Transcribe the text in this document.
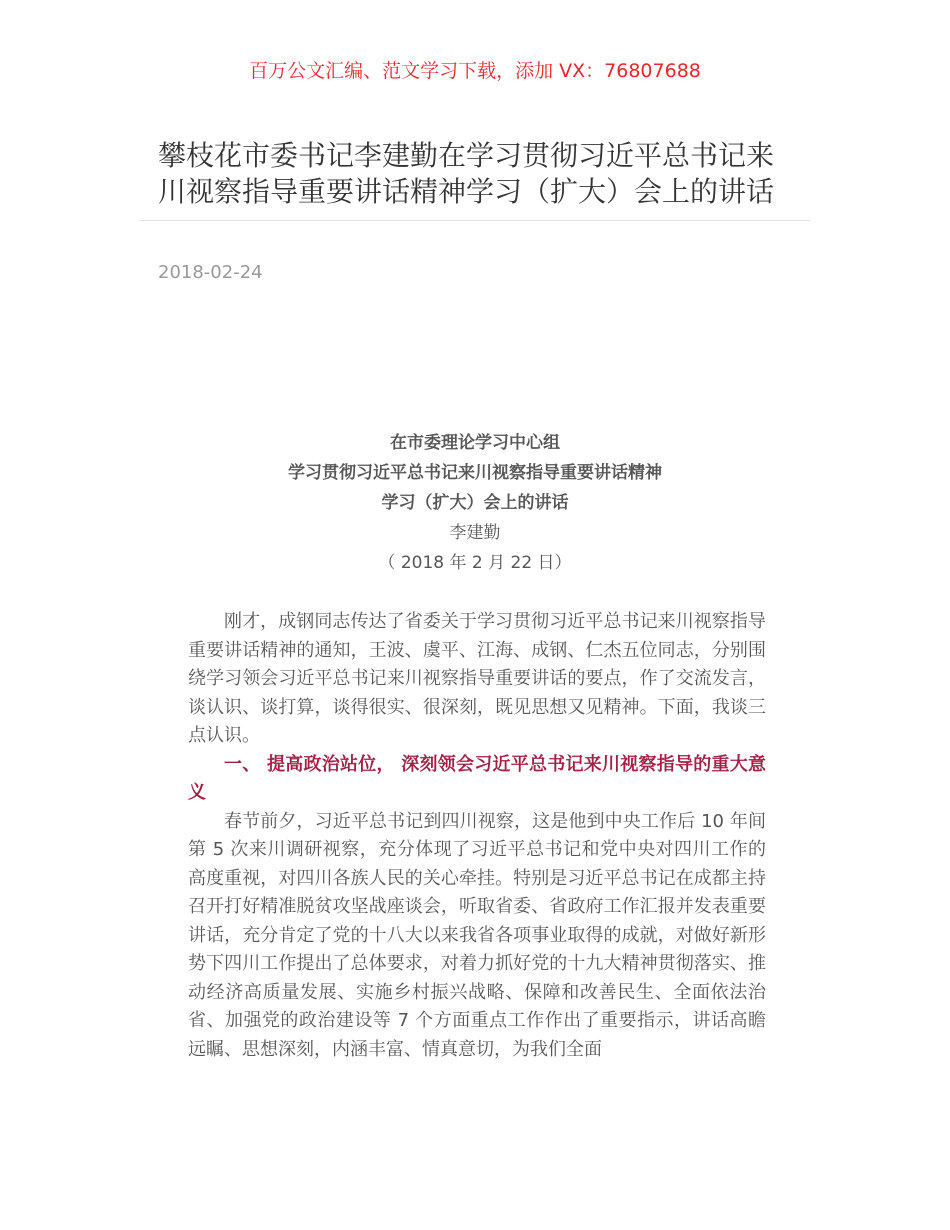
百万公文汇编、范文学习下载，添加 VX：76807688
攀枝花市委书记李建勤在学习贯彻习近平总书记来川视察指导重要讲话精神学习（扩大）会上的讲话
2018-02-24
在市委理论学习中心组
学习贯彻习近平总书记来川视察指导重要讲话精神
学习（扩大）会上的讲话
李建勤
（ 2018 年 2 月 22 日）

刚才，成钢同志传达了省委关于学习贯彻习近平总书记来川视察指导重要讲话精神的通知，王波、虞平、江海、成钢、仁杰五位同志，分别围绕学习领会习近平总书记来川视察指导重要讲话的要点，作了交流发言，谈认识、谈打算，谈得很实、很深刻，既见思想又见精神。下面，我谈三点认识。

一、 提高政治站位， 深刻领会习近平总书记来川视察指导的重大意义

春节前夕，习近平总书记到四川视察，这是他到中央工作后 10 年间第 5 次来川调研视察，充分体现了习近平总书记和党中央对四川工作的高度重视，对四川各族人民的关心牵挂。特别是习近平总书记在成都主持召开打好精准脱贫攻坚战座谈会，听取省委、省政府工作汇报并发表重要讲话，充分肯定了党的十八大以来我省各项事业取得的成就，对做好新形势下四川工作提出了总体要求，对着力抓好党的十九大精神贯彻落实、推动经济高质量发展、实施乡村振兴战略、保障和改善民生、全面依法治省、加强党的政治建设等 7 个方面重点工作作出了重要指示，讲话高瞻远瞩、思想深刻，内涵丰富、情真意切，为我们全面
